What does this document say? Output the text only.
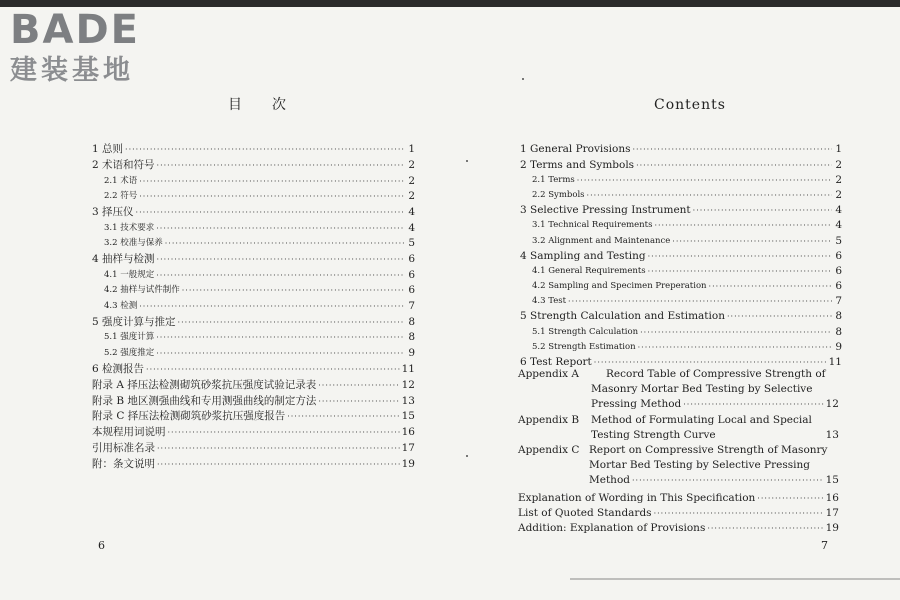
BADE
建装基地
目次
1 总则 ·····	1
2 术语和符号 ·····	2
2.1 术语 ·····	2
2.2 符号 ·····	2
3 择压仪 ·····	4
3.1 技术要求 ·····	4
3.2 校准与保养 ·····	5
4 抽样与检测 ·····	6
4.1 一般规定 ·····	6
4.2 抽样与试件制作 ·····	6
4.3 检测 ·····	7
5 强度计算与推定 ·····	8
5.1 强度计算 ·····	8
5.2 强度推定 ·····	9
6 检测报告 ·····	11
附录 A 择压法检测砌筑砂浆抗压强度试验记录表 ·····	12
附录 B 地区测强曲线和专用测强曲线的制定方法 ·····	13
附录 C 择压法检测砌筑砂浆抗压强度报告 ·····	15
本规程用词说明 ·····	16
引用标准名录 ·····	17
附：条文说明 ·····	19
6
Contents
1 General Provisions ·····	1
2 Terms and Symbols ·····	2
2.1 Terms ·····	2
2.2 Symbols ·····	2
3 Selective Pressing Instrument ·····	4
3.1 Technical Requirements ·····	4
3.2 Alignment and Maintenance ·····	5
4 Sampling and Testing ·····	6
4.1 General Requirements ·····	6
4.2 Sampling and Specimen Preperation ·····	6
4.3 Test ·····	7
5 Strength Calculation and Estimation ·····	8
5.1 Strength Calculation ·····	8
5.2 Strength Estimation ·····	9
6 Test Report ·····	11
Appendix A	Record Table of Compressive Strength of
Masonry Mortar Bed Testing by Selective
Pressing Method ·····	12
Appendix B Method of Formulating Local and Special
Testing Strength Curve	13
Appendix C Report on Compressive Strength of Masonry
Mortar Bed Testing by Selective Pressing
Method ·····	15
Explanation of Wording in This Specification ·····	16
List of Quoted Standards ·····	17
Addition: Explanation of Provisions ·····	19
7
